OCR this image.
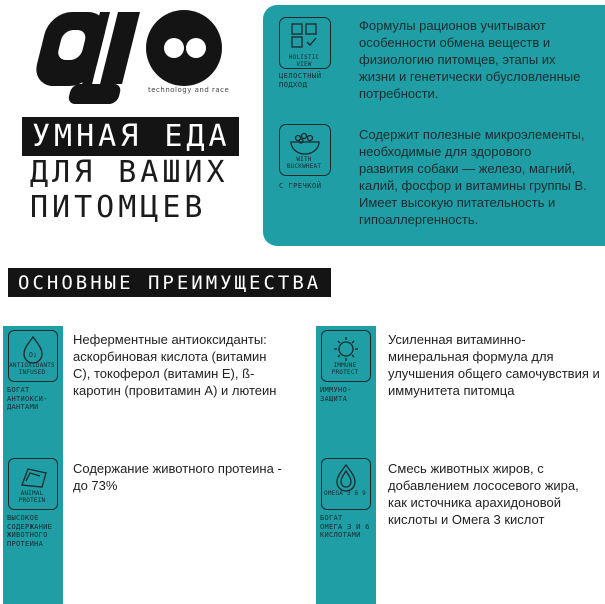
technology and race
УМНАЯ ЕДА
ДЛЯ ВАШИХ
ПИТОМЦЕВ
HOLISTIC VIEW
ЦЕЛОСТНЫЙ
ПОДХОД
Формулы рационов учитывают
особенности обмена веществ и
физиологию питомцев, этапы их
жизни и генетически обусловленные
потребности.
WITH BUCKWHEAT
С ГРЕЧКОЙ
Содержит полезные микроэлементы,
необходимые для здорового
развития собаки — железо, магний,
калий, фосфор и витамины группы В.
Имеет высокую питательность и
гипоаллергенность.
ОСНОВНЫЕ ПРЕИМУЩЕСТВА
O₂
ANTIOXIDANTS INFUSED
БОГАТ
АНТИОКСИ-
ДАНТАМИ
Неферментные антиоксиданты:
аскорбиновая кислота (витамин
С), токоферол (витамин Е), ß-
каротин (провитамин А) и лютеин
IMMUNE PROTECT
ИММУНО-
ЗАЩИТА
Усиленная витаминно-
минеральная формула для
улучшения общего самочувствия и
иммунитета питомца
ANIMAL PROTEIN
ВЫСОКОЕ
СОДЕРЖАНИЕ
ЖИВОТНОГО
ПРОТЕИНА
Содержание животного протеина -
до 73%
OMEGA 3 6 9
БОГАТ
ОМЕГА 3 И 6
КИСЛОТАМИ
Смесь животных жиров, с
добавлением лососевого жира,
как источника арахидоновой
кислоты и Омега 3 кислот
